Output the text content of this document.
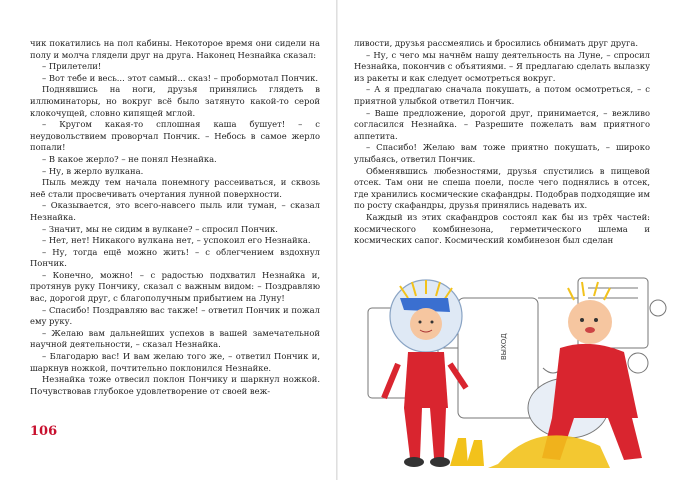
чик покатились на пол кабины. Некоторое время они сидели на полу и молча глядели друг на друга. Наконец Незнайка сказал:

– Прилетели!

– Вот тебе и весь... этот самый... сказ! – пробормотал Пончик.

Поднявшись на ноги, друзья принялись глядеть в иллюминаторы, но вокруг всё было затянуто какой-то серой клокочущей, словно кипящей мглой.

– Кругом какая-то сплошная каша бушует! – с неудовольствием проворчал Пончик. – Небось в самое жерло попали!

– В какое жерло? – не понял Незнайка.

– Ну, в жерло вулкана.

Пыль между тем начала понемногу рассеиваться, и сквозь неё стали просвечивать очертания лунной поверхности.

– Оказывается, это всего-навсего пыль или туман, – сказал Незнайка.

– Значит, мы не сидим в вулкане? – спросил Пончик.

– Нет, нет! Никакого вулкана нет, – успокоил его Незнайка.

– Ну, тогда ещё можно жить! – с облегчением вздохнул Пончик.

– Конечно, можно! – с радостью подхватил Незнайка и, протянув руку Пончику, сказал с важным видом: – Поздравляю вас, дорогой друг, с благополучным прибытием на Луну!

– Спасибо! Поздравляю вас также! – ответил Пончик и пожал ему руку.

– Желаю вам дальнейших успехов в вашей замечательной научной деятельности, – сказал Незнайка.

– Благодарю вас! И вам желаю того же, – ответил Пончик и, шаркнув ножкой, почтительно поклонился Незнайке.

Незнайка тоже отвесил поклон Пончику и шаркнул ножкой. Почувствовав глубокое удовлетворение от своей веж-

106

ливости, друзья рассмеялись и бросились обнимать друг друга.

– Ну, с чего мы начнём нашу деятельность на Луне, – спросил Незнайка, покончив с объятиями. – Я предлагаю сделать вылазку из ракеты и как следует осмотреться вокруг.

– А я предлагаю сначала покушать, а потом осмотреться, – с приятной улыбкой ответил Пончик.

– Ваше предложение, дорогой друг, принимается, – вежливо согласился Незнайка. – Разрешите пожелать вам приятного аппетита.

– Спасибо! Желаю вам тоже приятно покушать, – широко улыбаясь, ответил Пончик.

Обменявшись любезностями, друзья спустились в пищевой отсек. Там они не спеша поели, после чего поднялись в отсек, где хранились космические скафандры. Подобрав подходящие им по росту скафандры, друзья принялись надевать их.

Каждый из этих скафандров состоял как бы из трёх частей: космического комбинезона, герметического шлема и космических сапог. Космический комбинезон был сделан

ВЫХОД
